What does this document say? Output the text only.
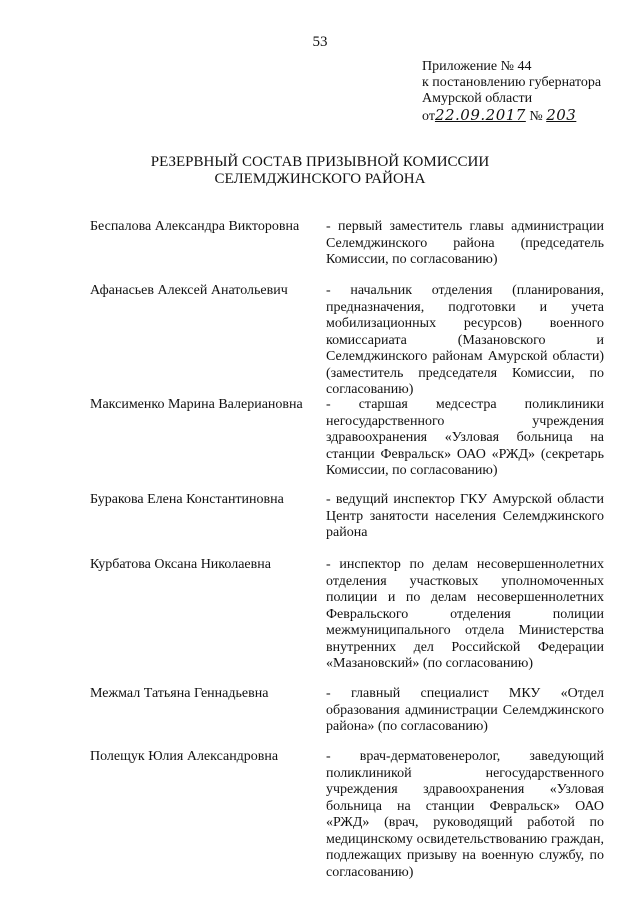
53
Приложение № 44
к постановлению губернатора
Амурской области
от22.09.2017 № 203
РЕЗЕРВНЫЙ СОСТАВ ПРИЗЫВНОЙ КОМИССИИ
СЕЛЕМДЖИНСКОГО РАЙОНА
Беспалова Александра Викторовна	- первый заместитель главы администрации Селемджинского района (председатель Комиссии, по согласованию)
Афанасьев Алексей Анатольевич	- начальник отделения (планирования, предназначения, подготовки и учета мобилизационных ресурсов) военного комиссариата (Мазановского и Селемджинского районам Амурской области) (заместитель председателя Комиссии, по согласованию)
Максименко Марина Валериановна	- старшая медсестра поликлиники негосударственного учреждения здравоохранения «Узловая больница на станции Февральск» ОАО «РЖД» (секретарь Комиссии, по согласованию)
Буракова Елена Константиновна	- ведущий инспектор ГКУ Амурской области Центр занятости населения Селемджинского района
Курбатова Оксана Николаевна	- инспектор по делам несовершеннолетних отделения участковых уполномоченных полиции и по делам несовершеннолетних Февральского отделения полиции межмуниципального отдела Министерства внутренних дел Российской Федерации «Мазановский» (по согласованию)
Межмал Татьяна Геннадьевна	- главный специалист МКУ «Отдел образования администрации Селемджинского района» (по согласованию)
Полещук Юлия Александровна	- врач-дерматовенеролог, заведующий поликлиникой негосударственного учреждения здравоохранения «Узловая больница на станции Февральск» ОАО «РЖД» (врач, руководящий работой по медицинскому освидетельствованию граждан, подлежащих призыву на военную службу, по согласованию)
